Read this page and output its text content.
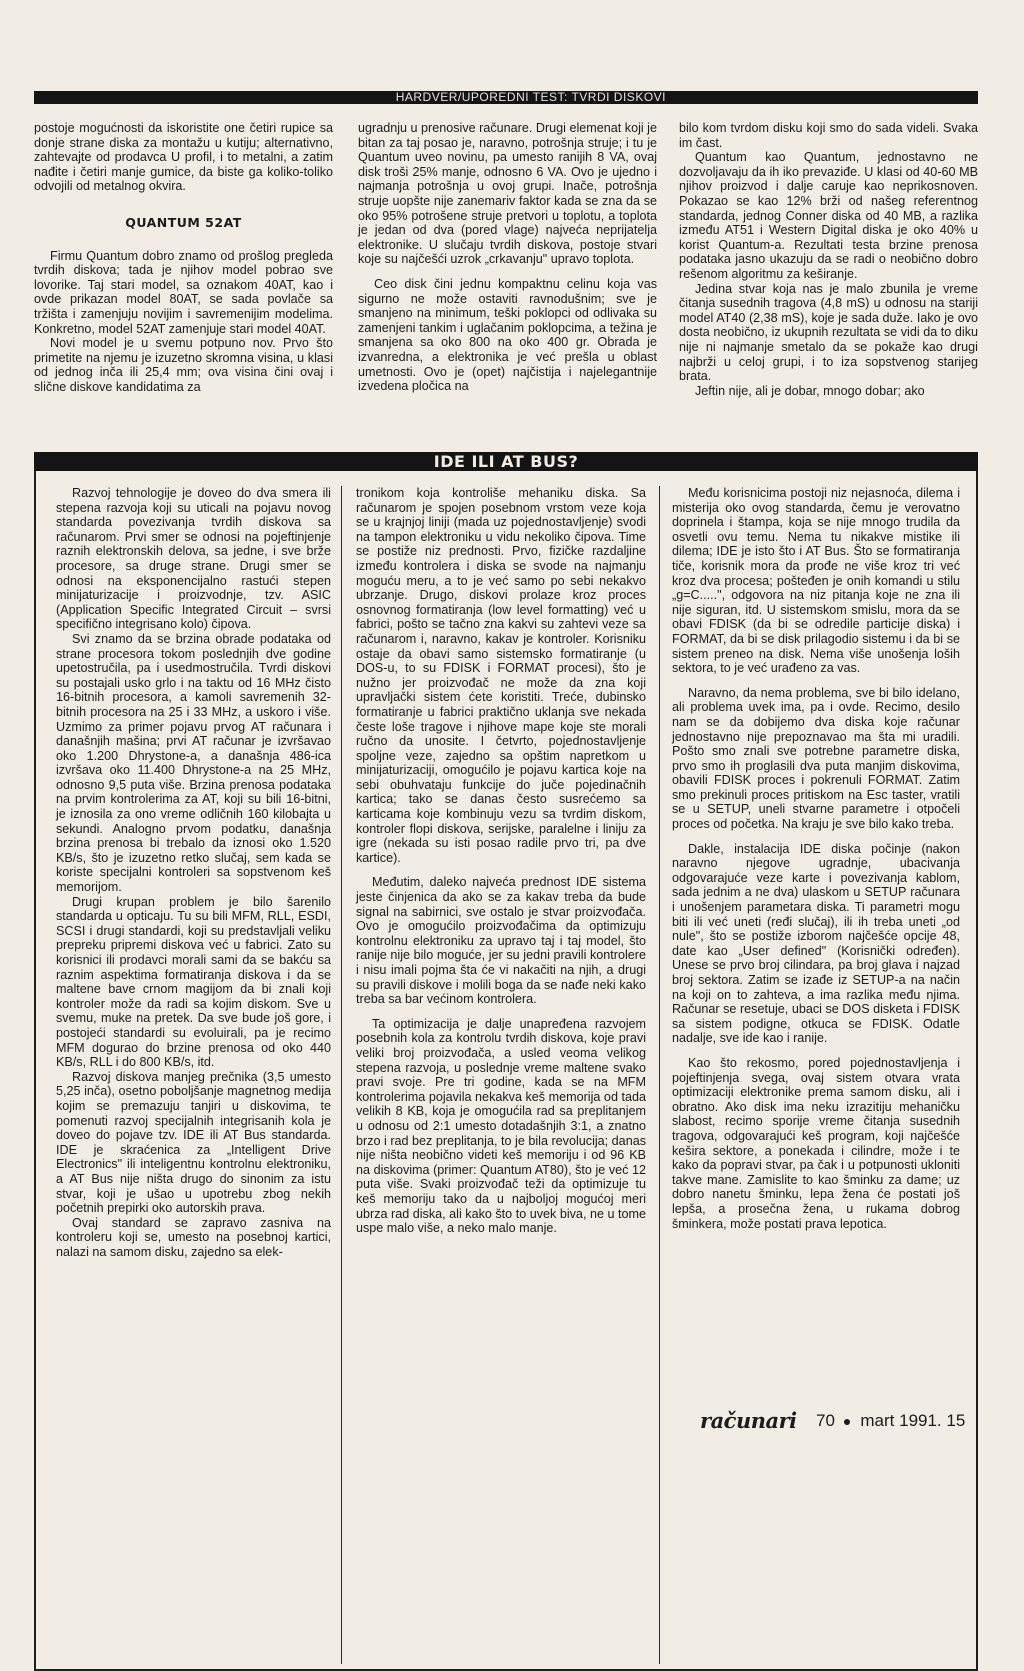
HARDVER/UPOREDNI TEST: TVRDI DISKOVI

postoje mogućnosti da iskoristite one četiri rupice sa donje strane diska za montažu u kutiju; alternativno, zahtevajte od prodavca U profil, i to metalni, a zatim nađite i četiri manje gumice, da biste ga koliko-toliko odvojili od metalnog okvira.

QUANTUM 52AT

Firmu Quantum dobro znamo od prošlog pregleda tvrdih diskova; tada je njihov model pobrao sve lovorike. Taj stari model, sa oznakom 40AT, kao i ovde prikazan model 80AT, se sada povlače sa tržišta i zamenjuju novijim i savremenijim modelima. Konkretno, model 52AT zamenjuje stari model 40AT.

Novi model je u svemu potpuno nov. Prvo što primetite na njemu je izuzetno skromna visina, u klasi od jednog inča ili 25,4 mm; ova visina čini ovaj i slične diskove kandidatima za

ugradnju u prenosive računare. Drugi elemenat koji je bitan za taj posao je, naravno, potrošnja struje; i tu je Quantum uveo novinu, pa umesto ranijih 8 VA, ovaj disk troši 25% manje, odnosno 6 VA. Ovo je ujedno i najmanja potrošnja u ovoj grupi. Inače, potrošnja struje uopšte nije zanemariv faktor kada se zna da se oko 95% potrošene struje pretvori u toplotu, a toplota je jedan od dva (pored vlage) najveća neprijatelja elektronike. U slučaju tvrdih diskova, postoje stvari koje su najčešći uzrok „crkavanju" upravo toplota.

Ceo disk čini jednu kompaktnu celinu koja vas sigurno ne može ostaviti ravnodušnim; sve je smanjeno na minimum, teški poklopci od odlivaka su zamenjeni tankim i uglačanim poklopcima, a težina je smanjena sa oko 800 na oko 400 gr. Obrada je izvanredna, a elektronika je već prešla u oblast umetnosti. Ovo je (opet) najčistija i najelegantnije izvedena pločica na

bilo kom tvrdom disku koji smo do sada videli. Svaka im čast.

Quantum kao Quantum, jednostavno ne dozvoljavaju da ih iko prevaziđe. U klasi od 40-60 MB njihov proizvod i dalje caruje kao neprikosnoven. Pokazao se kao 12% brži od našeg referentnog standarda, jednog Conner diska od 40 MB, a razlika između AT51 i Western Digital diska je oko 40% u korist Quantum-a. Rezultati testa brzine prenosa podataka jasno ukazuju da se radi o neobično dobro rešenom algoritmu za keširanje.

Jedina stvar koja nas je malo zbunila je vreme čitanja susednih tragova (4,8 mS) u odnosu na stariji model AT40 (2,38 mS), koje je sada duže. Iako je ovo dosta neobično, iz ukupnih rezultata se vidi da to diku nije ni najmanje smetalo da se pokaže kao drugi najbrži u celoj grupi, i to iza sopstvenog starijeg brata.

Jeftin nije, ali je dobar, mnogo dobar; ako

IDE ILI AT BUS?

Razvoj tehnologije je doveo do dva smera ili stepena razvoja koji su uticali na pojavu novog standarda povezivanja tvrdih diskova sa računarom. Prvi smer se odnosi na pojeftinjenje raznih elektronskih delova, sa jedne, i sve brže procesore, sa druge strane. Drugi smer se odnosi na eksponencijalno rastući stepen minijaturizacije i proizvodnje, tzv. ASIC (Application Specific Integrated Circuit – svrsi specifično integrisano kolo) čipova.

Svi znamo da se brzina obrade podataka od strane procesora tokom poslednjih dve godine upetostručila, pa i usedmostručila. Tvrdi diskovi su postajali usko grlo i na taktu od 16 MHz čisto 16-bitnih procesora, a kamoli savremenih 32-bitnih procesora na 25 i 33 MHz, a uskoro i više. Uzmimo za primer pojavu prvog AT računara i današnjih mašina; prvi AT računar je izvršavao oko 1.200 Dhrystone-a, a današnja 486-ica izvršava oko 11.400 Dhrystone-a na 25 MHz, odnosno 9,5 puta više. Brzina prenosa podataka na prvim kontrolerima za AT, koji su bili 16-bitni, je iznosila za ono vreme odličnih 160 kilobajta u sekundi. Analogno prvom podatku, današnja brzina prenosa bi trebalo da iznosi oko 1.520 KB/s, što je izuzetno retko slučaj, sem kada se koriste specijalni kontroleri sa sopstvenom keš memorijom.

Drugi krupan problem je bilo šarenilo standarda u opticaju. Tu su bili MFM, RLL, ESDI, SCSI i drugi standardi, koji su predstavljali veliku prepreku pripremi diskova već u fabrici. Zato su korisnici ili prodavci morali sami da se bakću sa raznim aspektima formatiranja diskova i da se maltene bave crnom magijom da bi znali koji kontroler može da radi sa kojim diskom. Sve u svemu, muke na pretek. Da sve bude još gore, i postojeći standardi su evoluirali, pa je recimo MFM dogurao do brzine prenosa od oko 440 KB/s, RLL i do 800 KB/s, itd.

Razvoj diskova manjeg prečnika (3,5 umesto 5,25 inča), osetno poboljšanje magnetnog medija kojim se premazuju tanjiri u diskovima, te pomenuti razvoj specijalnih integrisanih kola je doveo do pojave tzv. IDE ili AT Bus standarda. IDE je skraćenica za „Intelligent Drive Electronics" ili inteligentnu kontrolnu elektroniku, a AT Bus nije ništa drugo do sinonim za istu stvar, koji je ušao u upotrebu zbog nekih početnih prepirki oko autorskih prava.

Ovaj standard se zapravo zasniva na kontroleru koji se, umesto na posebnoj kartici, nalazi na samom disku, zajedno sa elek-

tronikom koja kontroliše mehaniku diska. Sa računarom je spojen posebnom vrstom veze koja se u krajnjoj liniji (mada uz pojednostavljenje) svodi na tampon elektroniku u vidu nekoliko čipova. Time se postiže niz prednosti. Prvo, fizičke razdaljine između kontrolera i diska se svode na najmanju moguću meru, a to je već samo po sebi nekakvo ubrzanje. Drugo, diskovi prolaze kroz proces osnovnog formatiranja (low level formatting) već u fabrici, pošto se tačno zna kakvi su zahtevi veze sa računarom i, naravno, kakav je kontroler. Korisniku ostaje da obavi samo sistemsko formatiranje (u DOS-u, to su FDISK i FORMAT procesi), što je nužno jer proizvođač ne može da zna koji upravljački sistem ćete koristiti. Treće, dubinsko formatiranje u fabrici praktično uklanja sve nekada česte loše tragove i njihove mape koje ste morali ručno da unosite. I četvrto, pojednostavljenje spoljne veze, zajedno sa opštim napretkom u minijaturizaciji, omogućilo je pojavu kartica koje na sebi obuhvataju funkcije do juče pojedinačnih kartica; tako se danas često susrećemo sa karticama koje kombinuju vezu sa tvrdim diskom, kontroler flopi diskova, serijske, paralelne i liniju za igre (nekada su isti posao radile prvo tri, pa dve kartice).

Međutim, daleko najveća prednost IDE sistema jeste činjenica da ako se za kakav treba da bude signal na sabirnici, sve ostalo je stvar proizvođača. Ovo je omogućilo proizvođačima da optimizuju kontrolnu elektroniku za upravo taj i taj model, što ranije nije bilo moguće, jer su jedni pravili kontrolere i nisu imali pojma šta će vi nakačiti na njih, a drugi su pravili diskove i molili boga da se nađe neki kako treba sa bar većinom kontrolera.

Ta optimizacija je dalje unapređena razvojem posebnih kola za kontrolu tvrdih diskova, koje pravi veliki broj proizvođača, a usled veoma velikog stepena razvoja, u poslednje vreme maltene svako pravi svoje. Pre tri godine, kada se na MFM kontrolerima pojavila nekakva keš memorija od tada velikih 8 KB, koja je omogućila rad sa preplitanjem u odnosu od 2:1 umesto dotadašnjih 3:1, a znatno brzo i rad bez preplitanja, to je bila revolucija; danas nije ništa neobično videti keš memoriju i od 96 KB na diskovima (primer: Quantum AT80), što je već 12 puta više. Svaki proizvođač teži da optimizuje tu keš memoriju tako da u najboljoj mogućoj meri ubrza rad diska, ali kako što to uvek biva, ne u tome uspe malo više, a neko malo manje.

Među korisnicima postoji niz nejasnoća, dilema i misterija oko ovog standarda, čemu je verovatno doprinela i štampa, koja se nije mnogo trudila da osvetli ovu temu. Nema tu nikakve mistike ili dilema; IDE je isto što i AT Bus. Što se formatiranja tiče, korisnik mora da prođe ne više kroz tri već kroz dva procesa; pošteđen je onih komandi u stilu „g=C.....", odgovora na niz pitanja koje ne zna ili nije siguran, itd. U sistemskom smislu, mora da se obavi FDISK (da bi se odredile particije diska) i FORMAT, da bi se disk prilagodio sistemu i da bi se sistem preneo na disk. Nema više unošenja loših sektora, to je već urađeno za vas.

Naravno, da nema problema, sve bi bilo idelano, ali problema uvek ima, pa i ovde. Recimo, desilo nam se da dobijemo dva diska koje računar jednostavno nije prepoznavao ma šta mi uradili. Pošto smo znali sve potrebne parametre diska, prvo smo ih proglasili dva puta manjim diskovima, obavili FDISK proces i pokrenuli FORMAT. Zatim smo prekinuli proces pritiskom na Esc taster, vratili se u SETUP, uneli stvarne parametre i otpočeli proces od početka. Na kraju je sve bilo kako treba.

Dakle, instalacija IDE diska počinje (nakon naravno njegove ugradnje, ubacivanja odgovarajuće veze karte i povezivanja kablom, sada jednim a ne dva) ulaskom u SETUP računara i unošenjem parametara diska. Ti parametri mogu biti ili već uneti (ređi slučaj), ili ih treba uneti „od nule", što se postiže izborom najčešće opcije 48, date kao „User defined" (Korisnički određen). Unese se prvo broj cilindara, pa broj glava i najzad broj sektora. Zatim se izađe iz SETUP-a na način na koji on to zahteva, a ima razlika među njima. Računar se resetuje, ubaci se DOS disketa i FDISK sa sistem podigne, otkuca se FDISK. Odatle nadalje, sve ide kao i ranije.

Kao što rekosmo, pored pojednostavljenja i pojeftinjenja svega, ovaj sistem otvara vrata optimizaciji elektronike prema samom disku, ali i obratno. Ako disk ima neku izrazitiju mehaničku slabost, recimo sporije vreme čitanja susednih tragova, odgovarajući keš program, koji najčešće kešira sektore, a ponekada i cilindre, može i te kako da popravi stvar, pa čak i u potpunosti ukloniti takve mane. Zamislite to kao šminku za dame; uz dobro nanetu šminku, lepa žena će postati još lepša, a prosečna žena, u rukama dobrog šminkera, može postati prava lepotica.

računari 70 mart 1991. 15
